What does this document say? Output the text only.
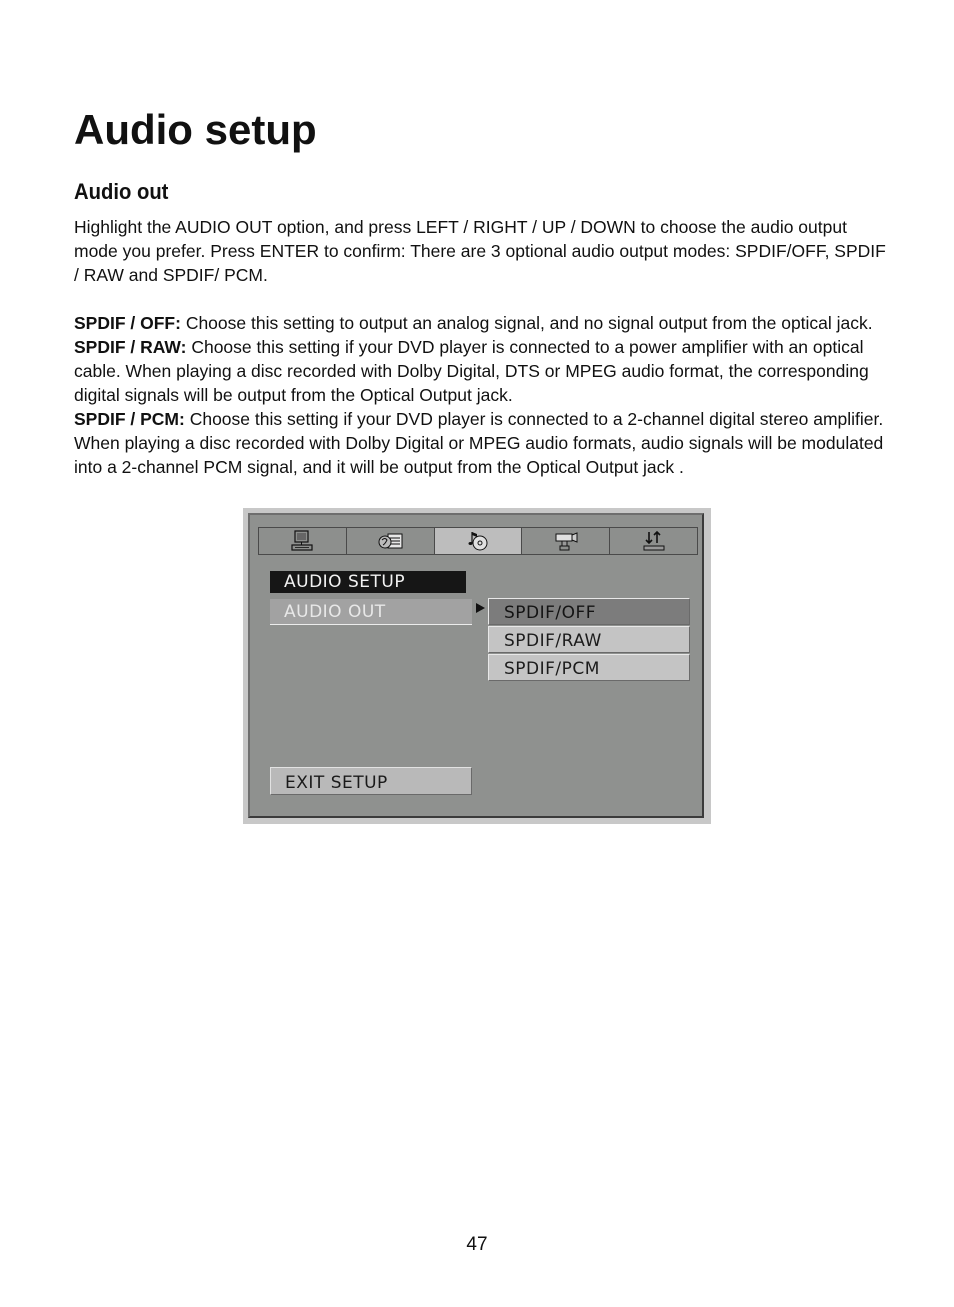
Audio setup
Audio out

Highlight the AUDIO OUT option, and press LEFT / RIGHT / UP / DOWN to choose the audio output mode you prefer. Press ENTER to confirm: There are 3 optional audio output modes: SPDIF/OFF, SPDIF / RAW and SPDIF/ PCM.

SPDIF / OFF: Choose this setting to output an analog signal, and no signal output from the optical jack.

SPDIF / RAW: Choose this setting if your DVD player is connected to a power amplifier with an optical cable. When playing a disc recorded with Dolby Digital, DTS or MPEG audio format, the corresponding digital signals will be output from the Optical Output jack.

SPDIF / PCM: Choose this setting if your DVD player is connected to a 2-channel digital stereo amplifier. When playing a disc recorded with Dolby Digital or MPEG audio formats, audio signals will be modulated into a 2-channel PCM signal, and it will be output from the Optical Output jack .

AUDIO SETUP
AUDIO OUT	SPDIF/OFF
SPDIF/RAW
SPDIF/PCM
EXIT SETUP
47
